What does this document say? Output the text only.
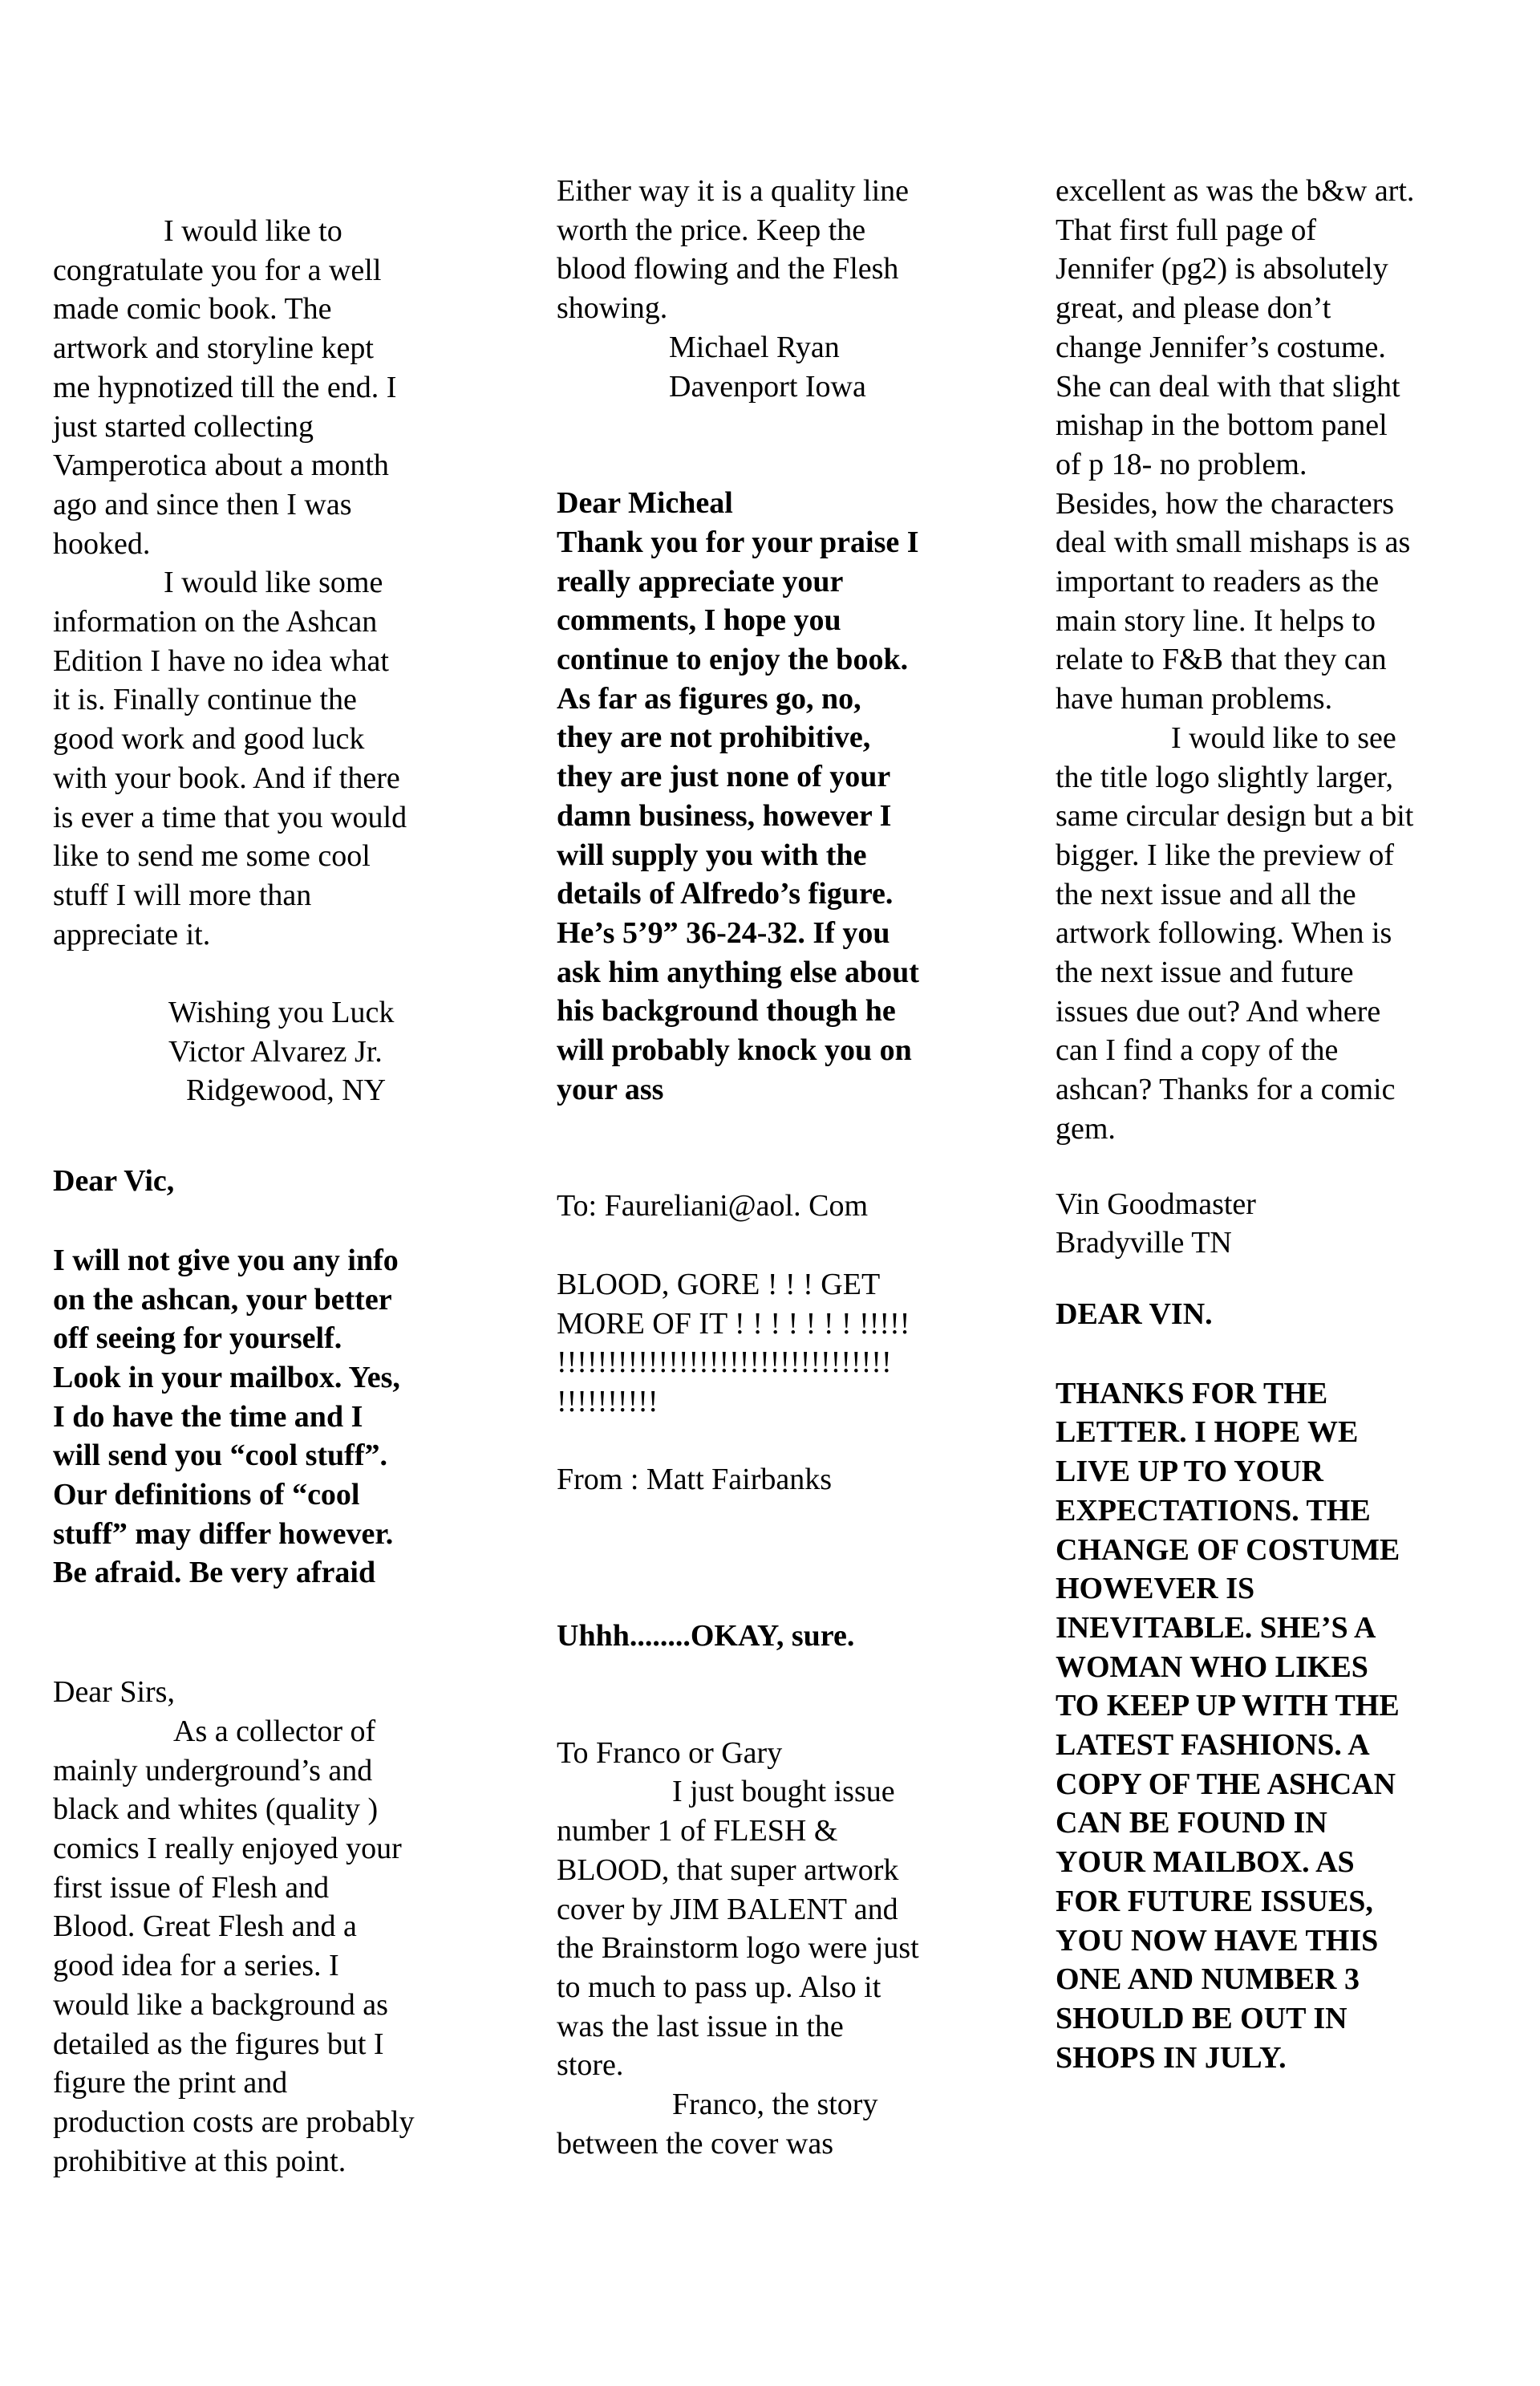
I would like to
congratulate you for a well
made comic book. The
artwork and storyline kept
me hypnotized till the end. I
just started collecting
Vamperotica about a month
ago and since then I was
hooked.
I would like some
information on the Ashcan
Edition I have no idea what
it is. Finally continue the
good work and good luck
with your book. And if there
is ever a time that you would
like to send me some cool
stuff I will more than
appreciate it.
Wishing you Luck
Victor Alvarez Jr.
Ridgewood, NY
Dear Vic,
I will not give you any info
on the ashcan, your better
off seeing for yourself.
Look in your mailbox. Yes,
I do have the time and I
will send you “cool stuff”.
Our definitions of “cool
stuff” may differ however.
Be afraid. Be very afraid
Dear Sirs,
As a collector of
mainly underground’s and
black and whites (quality )
comics I really enjoyed your
first issue of Flesh and
Blood. Great Flesh and a
good idea for a series. I
would like a background as
detailed as the figures but I
figure the print and
production costs are probably
prohibitive at this point.
Either way it is a quality line
worth the price. Keep the
blood flowing and the Flesh
showing.
Michael Ryan
Davenport Iowa
Dear Micheal
Thank you for your praise I
really appreciate your
comments, I hope you
continue to enjoy the book.
As far as figures go, no,
they are not prohibitive,
they are just none of your
damn business, however I
will supply you with the
details of Alfredo’s figure.
He’s 5’9” 36-24-32. If you
ask him anything else about
his background though he
will probably knock you on
your ass
To: Faureliani@aol. Com
BLOOD, GORE ! ! ! GET
MORE OF IT ! ! ! ! ! ! ! !!!!!
!!!!!!!!!!!!!!!!!!!!!!!!!!!!!!!!!
!!!!!!!!!!
From : Matt Fairbanks
Uhhh........OKAY, sure.
To Franco or Gary
I just bought issue
number 1 of FLESH &
BLOOD, that super artwork
cover by JIM BALENT and
the Brainstorm logo were just
to much to pass up. Also it
was the last issue in the
store.
Franco, the story
between the cover was
excellent as was the b&w art.
That first full page of
Jennifer (pg2) is absolutely
great, and please don’t
change Jennifer’s costume.
She can deal with that slight
mishap in the bottom panel
of p 18- no problem.
Besides, how the characters
deal with small mishaps is as
important to readers as the
main story line. It helps to
relate to F&B that they can
have human problems.
I would like to see
the title logo slightly larger,
same circular design but a bit
bigger. I like the preview of
the next issue and all the
artwork following. When is
the next issue and future
issues due out? And where
can I find a copy of the
ashcan? Thanks for a comic
gem.
Vin Goodmaster
Bradyville TN
DEAR VIN.
THANKS FOR THE
LETTER. I HOPE WE
LIVE UP TO YOUR
EXPECTATIONS. THE
CHANGE OF COSTUME
HOWEVER IS
INEVITABLE. SHE’S A
WOMAN WHO LIKES
TO KEEP UP WITH THE
LATEST FASHIONS. A
COPY OF THE ASHCAN
CAN BE FOUND IN
YOUR MAILBOX. AS
FOR FUTURE ISSUES,
YOU NOW HAVE THIS
ONE AND NUMBER 3
SHOULD BE OUT IN
SHOPS IN JULY.
